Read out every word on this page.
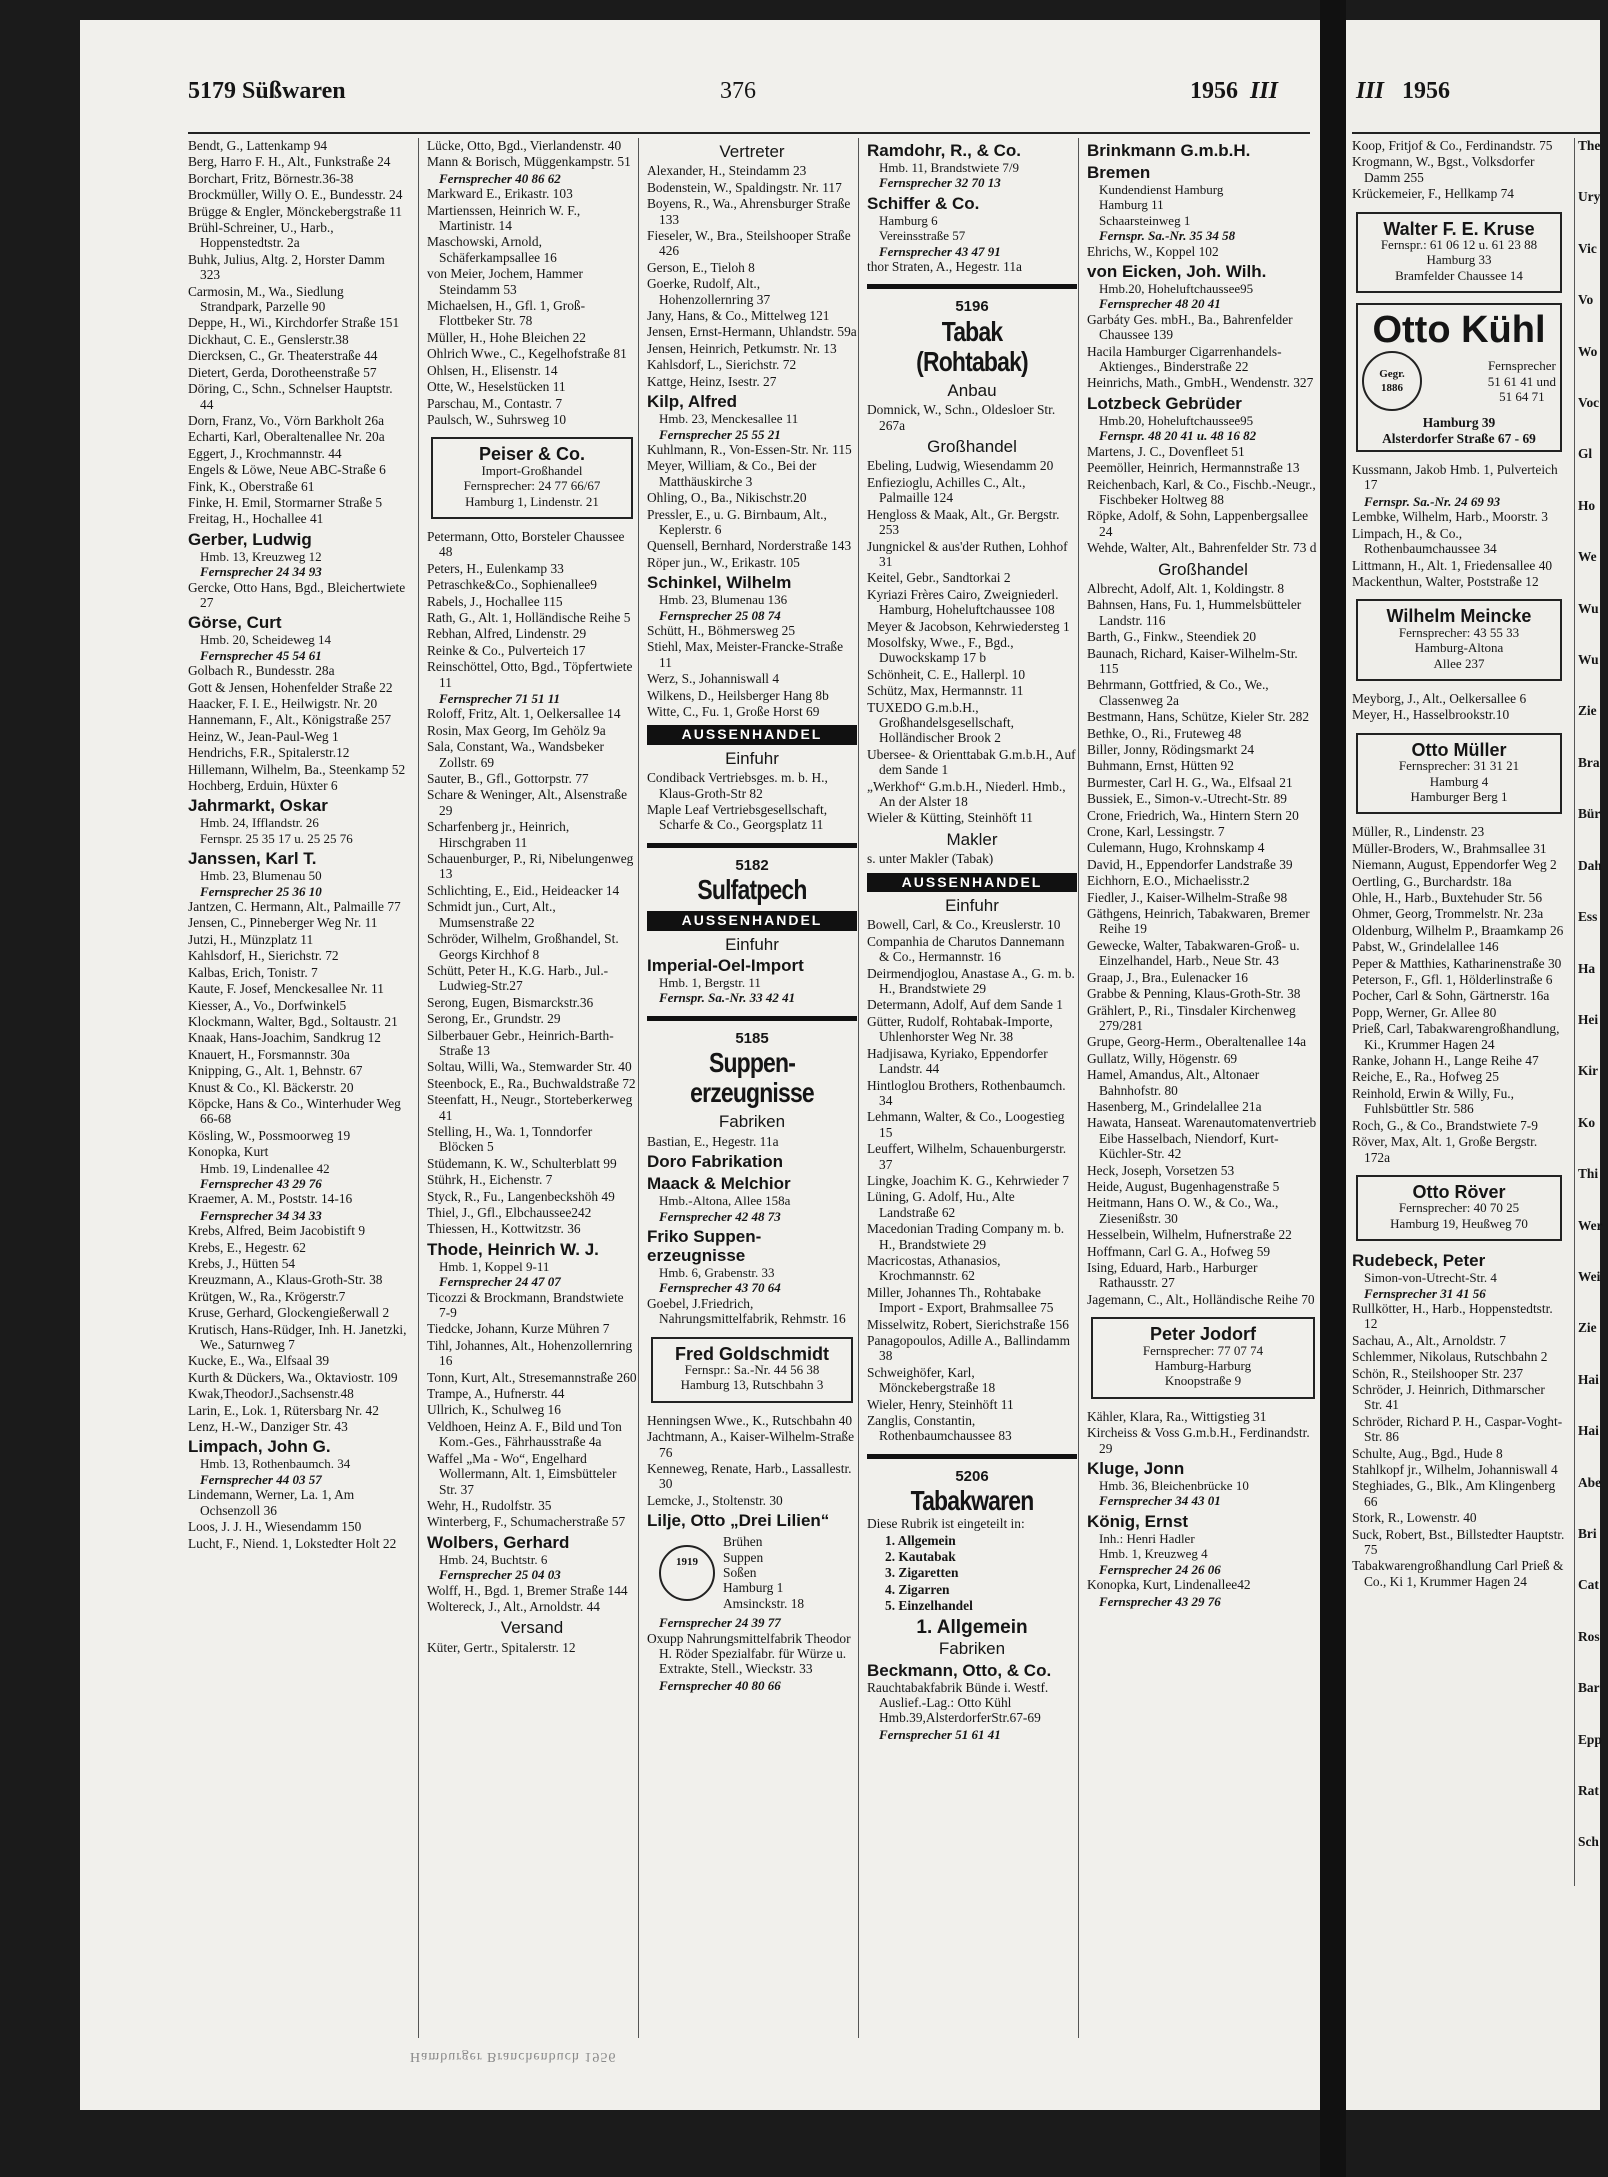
5179 Süßwaren	376	1956 III
Bendt, G., Lattenkamp 94
Berg, Harro F. H., Alt., Funkstraße 24
Borchart, Fritz, Börnestr.36-38
Brockmüller, Willy O. E., Bundesstr. 24
Brügge & Engler, Mönckebergstraße 11
Brühl-Schreiner, U., Harb., Hoppenstedtstr. 2a
Buhk, Julius, Altg. 2, Horster Damm 323
Carmosin, M., Wa., Siedlung Strandpark, Parzelle 90
Deppe, H., Wi., Kirchdorfer Straße 151
Dickhaut, C. E., Genslerstr.38
Diercksen, C., Gr. Theaterstraße 44
Dietert, Gerda, Dorotheenstraße 57
Döring, C., Schn., Schnelser Hauptstr. 44
Dorn, Franz, Vo., Vörn Barkholt 26a
Echarti, Karl, Oberaltenallee Nr. 20a
Eggert, J., Krochmannstr. 44
Engels & Löwe, Neue ABC-Straße 6
Fink, K., Oberstraße 61
Finke, H. Emil, Stormarner Straße 5
Freitag, H., Hochallee 41
Gerber, Ludwig
Hmb. 13, Kreuzweg 12
Fernsprecher 24 34 93
Gercke, Otto Hans, Bgd., Bleichertwiete 27
Görse, Curt
Hmb. 20, Scheideweg 14
Fernsprecher 45 54 61
Golbach R., Bundesstr. 28a
Gott & Jensen, Hohenfelder Straße 22
Haacker, F. I. E., Heilwigstr. Nr. 20
Hannemann, F., Alt., Königstraße 257
Heinz, W., Jean-Paul-Weg 1
Hendrichs, F.R., Spitalerstr.12
Hillemann, Wilhelm, Ba., Steenkamp 52
Hochberg, Erduin, Hüxter 6
Jahrmarkt, Oskar
Hmb. 24, Ifflandstr. 26
Fernspr. 25 35 17 u. 25 25 76
Janssen, Karl T.
Hmb. 23, Blumenau 50
Fernsprecher 25 36 10
Jantzen, C. Hermann, Alt., Palmaille 77
Jensen, C., Pinneberger Weg Nr. 11
Jutzi, H., Münzplatz 11
Kahlsdorf, H., Sierichstr. 72
Kalbas, Erich, Tonistr. 7
Kaute, F. Josef, Menckesallee Nr. 11
Kiesser, A., Vo., Dorfwinkel5
Klockmann, Walter, Bgd., Soltaustr. 21
Knaak, Hans-Joachim, Sandkrug 12
Knauert, H., Forsmannstr. 30a
Knipping, G., Alt. 1, Behnstr. 67
Knust & Co., Kl. Bäckerstr. 20
Köpcke, Hans & Co., Winterhuder Weg 66-68
Kösling, W., Possmoorweg 19
Konopka, Kurt
Hmb. 19, Lindenallee 42
Fernsprecher 43 29 76
Kraemer, A. M., Poststr. 14-16
Fernsprecher 34 34 33
Krebs, Alfred, Beim Jacobistift 9
Krebs, E., Hegestr. 62
Krebs, J., Hütten 54
Kreuzmann, A., Klaus-Groth-Str. 38
Krütgen, W., Ra., Krögerstr.7
Kruse, Gerhard, Glockengießerwall 2
Krutisch, Hans-Rüdger, Inh. H. Janetzki, We., Saturnweg 7
Kucke, E., Wa., Elfsaal 39
Kurth & Dückers, Wa., Oktaviostr. 109
Kwak,TheodorJ.,Sachsenstr.48
Larin, E., Lok. 1, Rütersbarg Nr. 42
Lenz, H.-W., Danziger Str. 43
Limpach, John G.
Hmb. 13, Rothenbaumch. 34
Fernsprecher 44 03 57
Lindemann, Werner, La. 1, Am Ochsenzoll 36
Loos, J. J. H., Wiesendamm 150
Lucht, F., Niend. 1, Lokstedter Holt 22
Lücke, Otto, Bgd., Vierlandenstr. 40
Mann & Borisch, Müggenkampstr. 51
Fernsprecher 40 86 62
Markward E., Erikastr. 103
Martienssen, Heinrich W. F., Martinistr. 14
Maschowski, Arnold, Schäferkampsallee 16
von Meier, Jochem, Hammer Steindamm 53
Michaelsen, H., Gfl. 1, Groß-Flottbeker Str. 78
Müller, H., Hohe Bleichen 22
Ohlrich Wwe., C., Kegelhofstraße 81
Ohlsen, H., Elisenstr. 14
Otte, W., Heselstücken 11
Parschau, M., Contastr. 7
Paulsch, W., Suhrsweg 10
Peiser & Co.
Import-Großhandel
Fernsprecher: 24 77 66/67
Hamburg 1, Lindenstr. 21
Petermann, Otto, Borsteler Chaussee 48
Peters, H., Eulenkamp 33
Petraschke&Co., Sophienallee9
Rabels, J., Hochallee 115
Rath, G., Alt. 1, Holländische Reihe 5
Rebhan, Alfred, Lindenstr. 29
Reinke & Co., Pulverteich 17
Reinschöttel, Otto, Bgd., Töpfertwiete 11
Fernsprecher 71 51 11
Roloff, Fritz, Alt. 1, Oelkersallee 14
Rosin, Max Georg, Im Gehölz 9a
Sala, Constant, Wa., Wandsbeker Zollstr. 69
Sauter, B., Gfl., Gottorpstr. 77
Schare & Weninger, Alt., Alsenstraße 29
Scharfenberg jr., Heinrich, Hirschgraben 11
Schauenburger, P., Ri, Nibelungenweg 13
Schlichting, E., Eid., Heideacker 14
Schmidt jun., Curt, Alt., Mumsenstraße 22
Schröder, Wilhelm, Großhandel, St. Georgs Kirchhof 8
Schütt, Peter H., K.G. Harb., Jul.-Ludwieg-Str.27
Serong, Eugen, Bismarckstr.36
Serong, Er., Grundstr. 29
Silberbauer Gebr., Heinrich-Barth-Straße 13
Soltau, Willi, Wa., Stemwarder Str. 40
Steenbock, E., Ra., Buchwaldstraße 72
Steenfatt, H., Neugr., Storteberkerweg 41
Stelling, H., Wa. 1, Tonndorfer Blöcken 5
Stüdemann, K. W., Schulterblatt 99
Stührk, H., Eichenstr. 7
Styck, R., Fu., Langenbeckshöh 49
Thiel, J., Gfl., Elbchaussee242
Thiessen, H., Kottwitzstr. 36
Thode, Heinrich W. J.
Hmb. 1, Koppel 9-11
Fernsprecher 24 47 07
Ticozzi & Brockmann, Brandstwiete 7-9
Tiedcke, Johann, Kurze Mühren 7
Tihl, Johannes, Alt., Hohenzollernring 16
Tonn, Kurt, Alt., Stresemannstraße 260
Trampe, A., Hufnerstr. 44
Ullrich, K., Schulweg 16
Veldhoen, Heinz A. F., Bild und Ton Kom.-Ges., Fährhausstraße 4a
Waffel „Ma - Wo“, Engelhard Wollermann, Alt. 1, Eimsbütteler Str. 37
Wehr, H., Rudolfstr. 35
Winterberg, F., Schumacherstraße 57
Wolbers, Gerhard
Hmb. 24, Buchtstr. 6
Fernsprecher 25 04 03
Wolff, H., Bgd. 1, Bremer Straße 144
Woltereck, J., Alt., Arnoldstr. 44
Versand
Küter, Gertr., Spitalerstr. 12
Vertreter
Alexander, H., Steindamm 23
Bodenstein, W., Spaldingstr. Nr. 117
Boyens, R., Wa., Ahrensburger Straße 133
Fieseler, W., Bra., Steilshooper Straße 426
Gerson, E., Tieloh 8
Goerke, Rudolf, Alt., Hohenzollernring 37
Jany, Hans, & Co., Mittelweg 121
Jensen, Ernst-Hermann, Uhlandstr. 59a
Jensen, Heinrich, Petkumstr. Nr. 13
Kahlsdorf, L., Sierichstr. 72
Kattge, Heinz, Isestr. 27
Kilp, Alfred
Hmb. 23, Menckesallee 11
Fernsprecher 25 55 21
Kuhlmann, R., Von-Essen-Str. Nr. 115
Meyer, William, & Co., Bei der Matthäuskirche 3
Ohling, O., Ba., Nikischstr.20
Pressler, E., u. G. Birnbaum, Alt., Keplerstr. 6
Quensell, Bernhard, Norderstraße 143
Röper jun., W., Erikastr. 105
Schinkel, Wilhelm
Hmb. 23, Blumenau 136
Fernsprecher 25 08 74
Schütt, H., Böhmersweg 25
Stiehl, Max, Meister-Francke-Straße 11
Werz, S., Johanniswall 4
Wilkens, D., Heilsberger Hang 8b
Witte, C., Fu. 1, Große Horst 69
AUSSENHANDEL
Einfuhr
Condiback Vertriebsges. m. b. H., Klaus-Groth-Str 82
Maple Leaf Vertriebsgesellschaft, Scharfe & Co., Georgsplatz 11
5182
Sulfatpech
AUSSENHANDEL
Einfuhr
Imperial-Oel-Import
Hmb. 1, Bergstr. 11
Fernspr. Sa.-Nr. 33 42 41
5185
Suppen-erzeugnisse
Fabriken
Bastian, E., Hegestr. 11a
Doro Fabrikation
Maack & Melchior
Hmb.-Altona, Allee 158a
Fernsprecher 42 48 73
Friko Suppen-erzeugnisse
Hmb. 6, Grabenstr. 33
Fernsprecher 43 70 64
Goebel, J.Friedrich, Nahrungsmittelfabrik, Rehmstr. 16
Fred Goldschmidt
Fernspr.: Sa.-Nr. 44 56 38
Hamburg 13, Rutschbahn 3
Henningsen Wwe., K., Rutschbahn 40
Jachtmann, A., Kaiser-Wilhelm-Straße 76
Kenneweg, Renate, Harb., Lassallestr. 30
Lemcke, J., Stoltenstr. 30
Lilje, Otto „Drei Lilien“
1919
Brühen
Suppen
Soßen
Hamburg 1
Amsinckstr. 18
Fernsprecher 24 39 77
Oxupp Nahrungsmittelfabrik Theodor H. Röder Spezialfabr. für Würze u. Extrakte, Stell., Wieckstr. 33
Fernsprecher 40 80 66
Ramdohr, R., & Co.
Hmb. 11, Brandstwiete 7/9
Fernsprecher 32 70 13
Schiffer & Co.
Hamburg 6
Vereinsstraße 57
Fernsprecher 43 47 91
thor Straten, A., Hegestr. 11a
5196
Tabak (Rohtabak)
Anbau
Domnick, W., Schn., Oldesloer Str. 267a
Großhandel
Ebeling, Ludwig, Wiesendamm 20
Enfiezioglu, Achilles C., Alt., Palmaille 124
Hengloss & Maak, Alt., Gr. Bergstr. 253
Jungnickel & aus'der Ruthen, Lohhof 31
Keitel, Gebr., Sandtorkai 2
Kyriazi Frères Cairo, Zweigniederl. Hamburg, Hoheluftchaussee 108
Meyer & Jacobson, Kehrwiedersteg 1
Mosolfsky, Wwe., F., Bgd., Duwockskamp 17 b
Schönheit, C. E., Hallerpl. 10
Schütz, Max, Hermannstr. 11
TUXEDO G.m.b.H., Großhandelsgesellschaft, Holländischer Brook 2
Ubersee- & Orienttabak G.m.b.H., Auf dem Sande 1
„Werkhof“ G.m.b.H., Niederl. Hmb., An der Alster 18
Wieler & Kütting, Steinhöft 11
Makler
s. unter Makler (Tabak)
AUSSENHANDEL
Einfuhr
Bowell, Carl, & Co., Kreuslerstr. 10
Companhia de Charutos Dannemann & Co., Hermannstr. 16
Deirmendjoglou, Anastase A., G. m. b. H., Brandstwiete 29
Determann, Adolf, Auf dem Sande 1
Gütter, Rudolf, Rohtabak-Importe, Uhlenhorster Weg Nr. 38
Hadjisawa, Kyriako, Eppendorfer Landstr. 44
Hintloglou Brothers, Rothenbaumch. 34
Lehmann, Walter, & Co., Loogestieg 15
Leuffert, Wilhelm, Schauenburgerstr. 37
Lingke, Joachim K. G., Kehrwieder 7
Lüning, G. Adolf, Hu., Alte Landstraße 62
Macedonian Trading Company m. b. H., Brandstwiete 29
Macricostas, Athanasios, Krochmannstr. 62
Miller, Johannes Th., Rohtabake Import - Export, Brahmsallee 75
Misselwitz, Robert, Sierichstraße 156
Panagopoulos, Adille A., Ballindamm 38
Schweighöfer, Karl, Mönckebergstraße 18
Wieler, Henry, Steinhöft 11
Zanglis, Constantin, Rothenbaumchaussee 83
5206
Tabakwaren
Diese Rubrik ist eingeteilt in:
1. Allgemein
2. Kautabak
3. Zigaretten
4. Zigarren
5. Einzelhandel
1. Allgemein
Fabriken
Beckmann, Otto, & Co.
Rauchtabakfabrik Bünde i. Westf. Auslief.-Lag.: Otto Kühl Hmb.39,AlsterdorferStr.67-69
Fernsprecher 51 61 41
Brinkmann G.m.b.H.
Bremen
Kundendienst Hamburg
Hamburg 11
Schaarsteinweg 1
Fernspr. Sa.-Nr. 35 34 58
Ehrichs, W., Koppel 102
von Eicken, Joh. Wilh.
Hmb.20, Hoheluftchaussee95
Fernsprecher 48 20 41
Garbáty Ges. mbH., Ba., Bahrenfelder Chaussee 139
Hacila Hamburger Cigarrenhandels-Aktienges., Binderstraße 22
Heinrichs, Math., GmbH., Wendenstr. 327
Lotzbeck Gebrüder
Hmb.20, Hoheluftchaussee95
Fernspr. 48 20 41 u. 48 16 82
Martens, J. C., Dovenfleet 51
Peemöller, Heinrich, Hermannstraße 13
Reichenbach, Karl, & Co., Fischb.-Neugr., Fischbeker Holtweg 88
Röpke, Adolf, & Sohn, Lappenbergsallee 24
Wehde, Walter, Alt., Bahrenfelder Str. 73 d
Großhandel
Albrecht, Adolf, Alt. 1, Koldingstr. 8
Bahnsen, Hans, Fu. 1, Hummelsbütteler Landstr. 116
Barth, G., Finkw., Steendiek 20
Baunach, Richard, Kaiser-Wilhelm-Str. 115
Behrmann, Gottfried, & Co., We., Classenweg 2a
Bestmann, Hans, Schütze, Kieler Str. 282
Bethke, O., Ri., Fruteweg 48
Biller, Jonny, Rödingsmarkt 24
Buhmann, Ernst, Hütten 92
Burmester, Carl H. G., Wa., Elfsaal 21
Bussiek, E., Simon-v.-Utrecht-Str. 89
Crone, Friedrich, Wa., Hintern Stern 20
Crone, Karl, Lessingstr. 7
Culemann, Hugo, Krohnskamp 4
David, H., Eppendorfer Landstraße 39
Eichhorn, E.O., Michaelisstr.2
Fiedler, J., Kaiser-Wilhelm-Straße 98
Gäthgens, Heinrich, Tabakwaren, Bremer Reihe 19
Gewecke, Walter, Tabakwaren-Groß- u. Einzelhandel, Harb., Neue Str. 43
Graap, J., Bra., Eulenacker 16
Grabbe & Penning, Klaus-Groth-Str. 38
Grählert, P., Ri., Tinsdaler Kirchenweg 279/281
Grupe, Georg-Herm., Oberaltenallee 14a
Gullatz, Willy, Högenstr. 69
Hamel, Amandus, Alt., Altonaer Bahnhofstr. 80
Hasenberg, M., Grindelallee 21a
Hawata, Hanseat. Warenautomatenvertrieb Eibe Hasselbach, Niendorf, Kurt-Küchler-Str. 42
Heck, Joseph, Vorsetzen 53
Heide, August, Bugenhagenstraße 5
Heitmann, Hans O. W., & Co., Wa., Ziesenißstr. 30
Hesselbein, Wilhelm, Hufnerstraße 22
Hoffmann, Carl G. A., Hofweg 59
Ising, Eduard, Harb., Harburger Rathausstr. 27
Jagemann, C., Alt., Holländische Reihe 70
Peter Jodorf
Fernsprecher: 77 07 74
Hamburg-Harburg
Knoopstraße 9
Kähler, Klara, Ra., Wittigstieg 31
Kircheiss & Voss G.m.b.H., Ferdinandstr. 29
Kluge, Jonn
Hmb. 36, Bleichenbrücke 10
Fernsprecher 34 43 01
König, Ernst
Inh.: Henri Hadler
Hmb. 1, Kreuzweg 4
Fernsprecher 24 26 06
Konopka, Kurt, Lindenallee42
Fernsprecher 43 29 76
Hamburger Branchenbuch 1956
III 1956
Koop, Fritjof & Co., Ferdinandstr. 75
Krogmann, W., Bgst., Volksdorfer Damm 255
Krückemeier, F., Hellkamp 74
Walter F. E. Kruse
Fernspr.: 61 06 12 u. 61 23 88
Hamburg 33
Bramfelder Chaussee 14
Otto Kühl
Gegr. 1886
Fernsprecher
51 61 41 und
51 64 71
Hamburg 39
Alsterdorfer Straße 67 - 69
Kussmann, Jakob Hmb. 1, Pulverteich 17
Fernspr. Sa.-Nr. 24 69 93
Lembke, Wilhelm, Harb., Moorstr. 3
Limpach, H., & Co., Rothenbaumchaussee 34
Littmann, H., Alt. 1, Friedensallee 40
Mackenthun, Walter, Poststraße 12
Wilhelm Meincke
Fernsprecher: 43 55 33
Hamburg-Altona
Allee 237
Meyborg, J., Alt., Oelkersallee 6
Meyer, H., Hasselbrookstr.10
Otto Müller
Fernsprecher: 31 31 21
Hamburg 4
Hamburger Berg 1
Müller, R., Lindenstr. 23
Müller-Broders, W., Brahmsallee 31
Niemann, August, Eppendorfer Weg 2
Oertling, G., Burchardstr. 18a
Ohle, H., Harb., Buxtehuder Str. 56
Ohmer, Georg, Trommelstr. Nr. 23a
Oldenburg, Wilhelm P., Braamkamp 26
Pabst, W., Grindelallee 146
Peper & Matthies, Katharinenstraße 30
Peterson, F., Gfl. 1, Hölderlinstraße 6
Pocher, Carl & Sohn, Gärtnerstr. 16a
Popp, Werner, Gr. Allee 80
Prieß, Carl, Tabakwarengroßhandlung, Ki., Krummer Hagen 24
Ranke, Johann H., Lange Reihe 47
Reiche, E., Ra., Hofweg 25
Reinhold, Erwin & Willy, Fu., Fuhlsbüttler Str. 586
Roch, G., & Co., Brandstwiete 7-9
Röver, Max, Alt. 1, Große Bergstr. 172a
Otto Röver
Fernsprecher: 40 70 25
Hamburg 19, Heußweg 70
Rudebeck, Peter
Simon-von-Utrecht-Str. 4
Fernsprecher 31 41 56
Rullkötter, H., Harb., Hoppenstedtstr. 12
Sachau, A., Alt., Arnoldstr. 7
Schlemmer, Nikolaus, Rutschbahn 2
Schön, R., Steilshooper Str. 237
Schröder, J. Heinrich, Dithmarscher Str. 41
Schröder, Richard P. H., Caspar-Voght-Str. 86
Schulte, Aug., Bgd., Hude 8
Stahlkopf jr., Wilhelm, Johanniswall 4
Steghiades, G., Blk., Am Klingenberg 66
Stork, R., Lowenstr. 40
Suck, Robert, Bst., Billstedter Hauptstr. 75
Tabakwarengroßhandlung Carl Prieß & Co., Ki 1, Krummer Hagen 24
The
Ury
Vic
Vo
Wo
Voc
Gl
Ho
We
Wu
Wu
Zie
Bra
Bür
Dah
Ess
Ha
Hei
Kir
Ko
Thi
Wer
Wei
Zie
Hai
Hai
Abe
Bri
Cat
Ros
Bar
Epp
Rat
Sch
